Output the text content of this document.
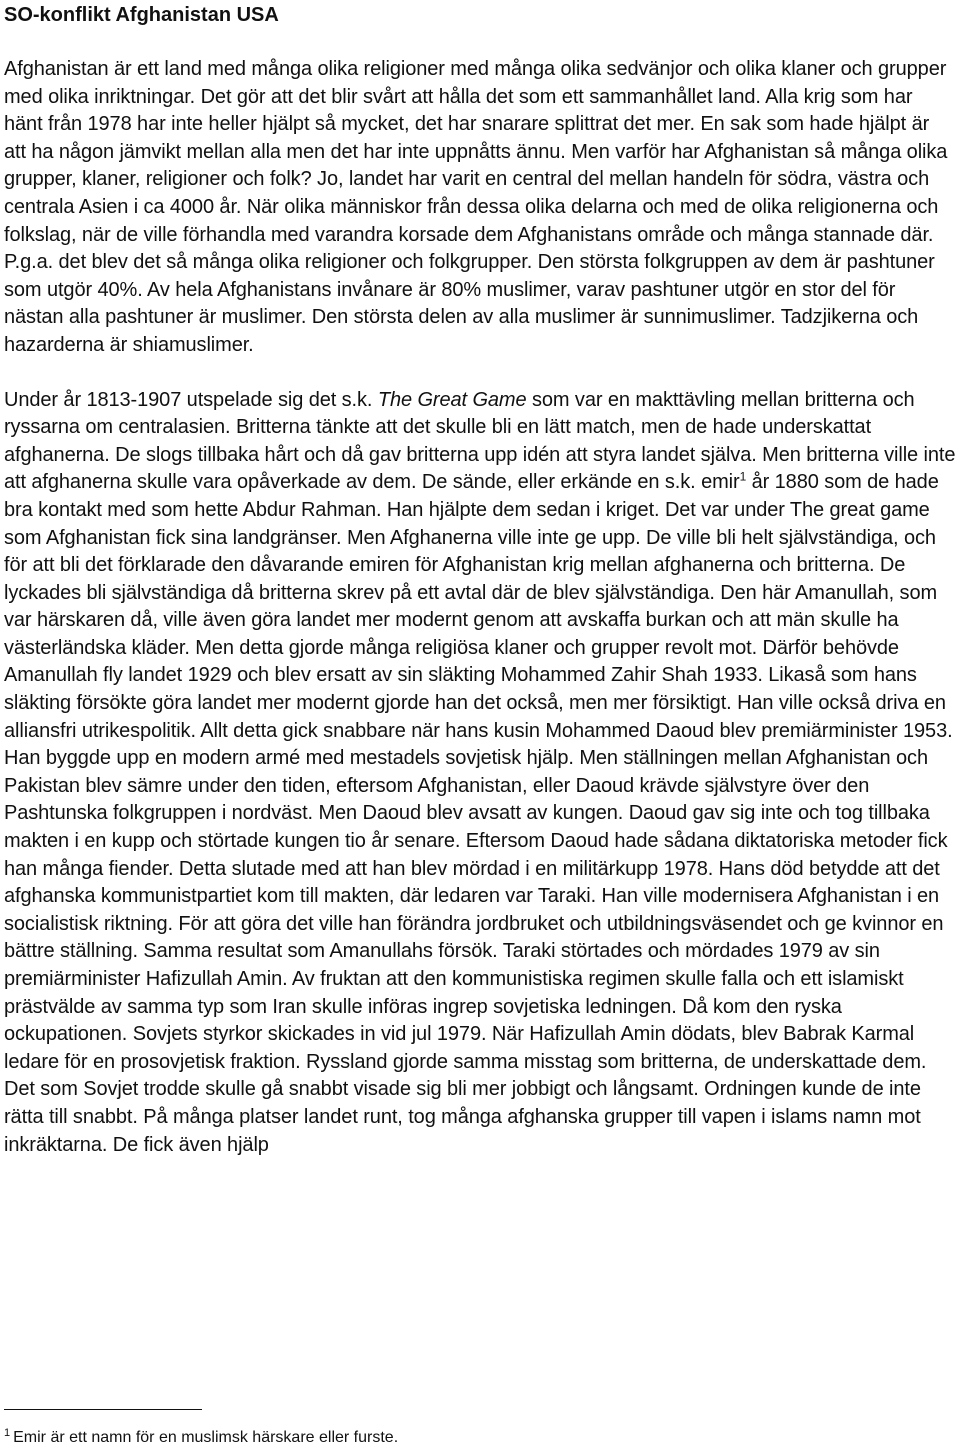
SO-konflikt Afghanistan USA

Afghanistan är ett land med många olika religioner med många olika sedvänjor och olika klaner och grupper med olika inriktningar. Det gör att det blir svårt att hålla det som ett sammanhållet land. Alla krig som har hänt från 1978 har inte heller hjälpt så mycket, det har snarare splittrat det mer. En sak som hade hjälpt är att ha någon jämvikt mellan alla men det har inte uppnåtts ännu. Men varför har Afghanistan så många olika grupper, klaner, religioner och folk? Jo, landet har varit en central del mellan handeln för södra, västra och centrala Asien i ca 4000 år. När olika människor från dessa olika delarna och med de olika religionerna och folkslag, när de ville förhandla med varandra korsade dem Afghanistans område och många stannade där. P.g.a. det blev det så många olika religioner och folkgrupper. Den största folkgruppen av dem är pashtuner som utgör 40%. Av hela Afghanistans invånare är 80% muslimer, varav pashtuner utgör en stor del för nästan alla pashtuner är muslimer. Den största delen av alla muslimer är sunnimuslimer. Tadzjikerna och hazarderna är shiamuslimer.

Under år 1813-1907 utspelade sig det s.k. The Great Game som var en makttävling mellan britterna och ryssarna om centralasien. Britterna tänkte att det skulle bli en lätt match, men de hade underskattat afghanerna. De slogs tillbaka hårt och då gav britterna upp idén att styra landet själva. Men britterna ville inte att afghanerna skulle vara opåverkade av dem. De sände, eller erkände en s.k. emir$^1$ år 1880 som de hade bra kontakt med som hette Abdur Rahman. Han hjälpte dem sedan i kriget. Det var under The great game som Afghanistan fick sina landgränser. Men Afghanerna ville inte ge upp. De ville bli helt självständiga, och för att bli det förklarade den dåvarande emiren för Afghanistan krig mellan afghanerna och britterna. De lyckades bli självständiga då britterna skrev på ett avtal där de blev självständiga. Den här Amanullah, som var härskaren då, ville även göra landet mer modernt genom att avskaffa burkan och att män skulle ha västerländska kläder. Men detta gjorde många religiösa klaner och grupper revolt mot. Därför behövde Amanullah fly landet 1929 och blev ersatt av sin släkting Mohammed Zahir Shah 1933. Likaså som hans släkting försökte göra landet mer modernt gjorde han det också, men mer försiktigt. Han ville också driva en alliansfri utrikespolitik. Allt detta gick snabbare när hans kusin Mohammed Daoud blev premiärminister 1953. Han byggde upp en modern armé med mestadels sovjetisk hjälp. Men ställningen mellan Afghanistan och Pakistan blev sämre under den tiden, eftersom Afghanistan, eller Daoud krävde självstyre över den Pashtunska folkgruppen i nordväst. Men Daoud blev avsatt av kungen. Daoud gav sig inte och tog tillbaka makten i en kupp och störtade kungen tio år senare. Eftersom Daoud hade sådana diktatoriska metoder fick han många fiender. Detta slutade med att han blev mördad i en militärkupp 1978. Hans död betydde att det afghanska kommunistpartiet kom till makten, där ledaren var Taraki. Han ville modernisera Afghanistan i en socialistisk riktning. För att göra det ville han förändra jordbruket och utbildningsväsendet och ge kvinnor en bättre ställning. Samma resultat som Amanullahs försök. Taraki störtades och mördades 1979 av sin premiärminister Hafizullah Amin. Av fruktan att den kommunistiska regimen skulle falla och ett islamiskt prästvälde av samma typ som Iran skulle införas ingrep sovjetiska ledningen. Då kom den ryska ockupationen. Sovjets styrkor skickades in vid jul 1979. När Hafizullah Amin dödats, blev Babrak Karmal ledare för en prosovjetisk fraktion. Ryssland gjorde samma misstag som britterna, de underskattade dem. Det som Sovjet trodde skulle gå snabbt visade sig bli mer jobbigt och långsamt. Ordningen kunde de inte rätta till snabbt. På många platser landet runt, tog många afghanska grupper till vapen i islams namn mot inkräktarna. De fick även hjälp

$^1$ Emir är ett namn för en muslimsk härskare eller furste.
